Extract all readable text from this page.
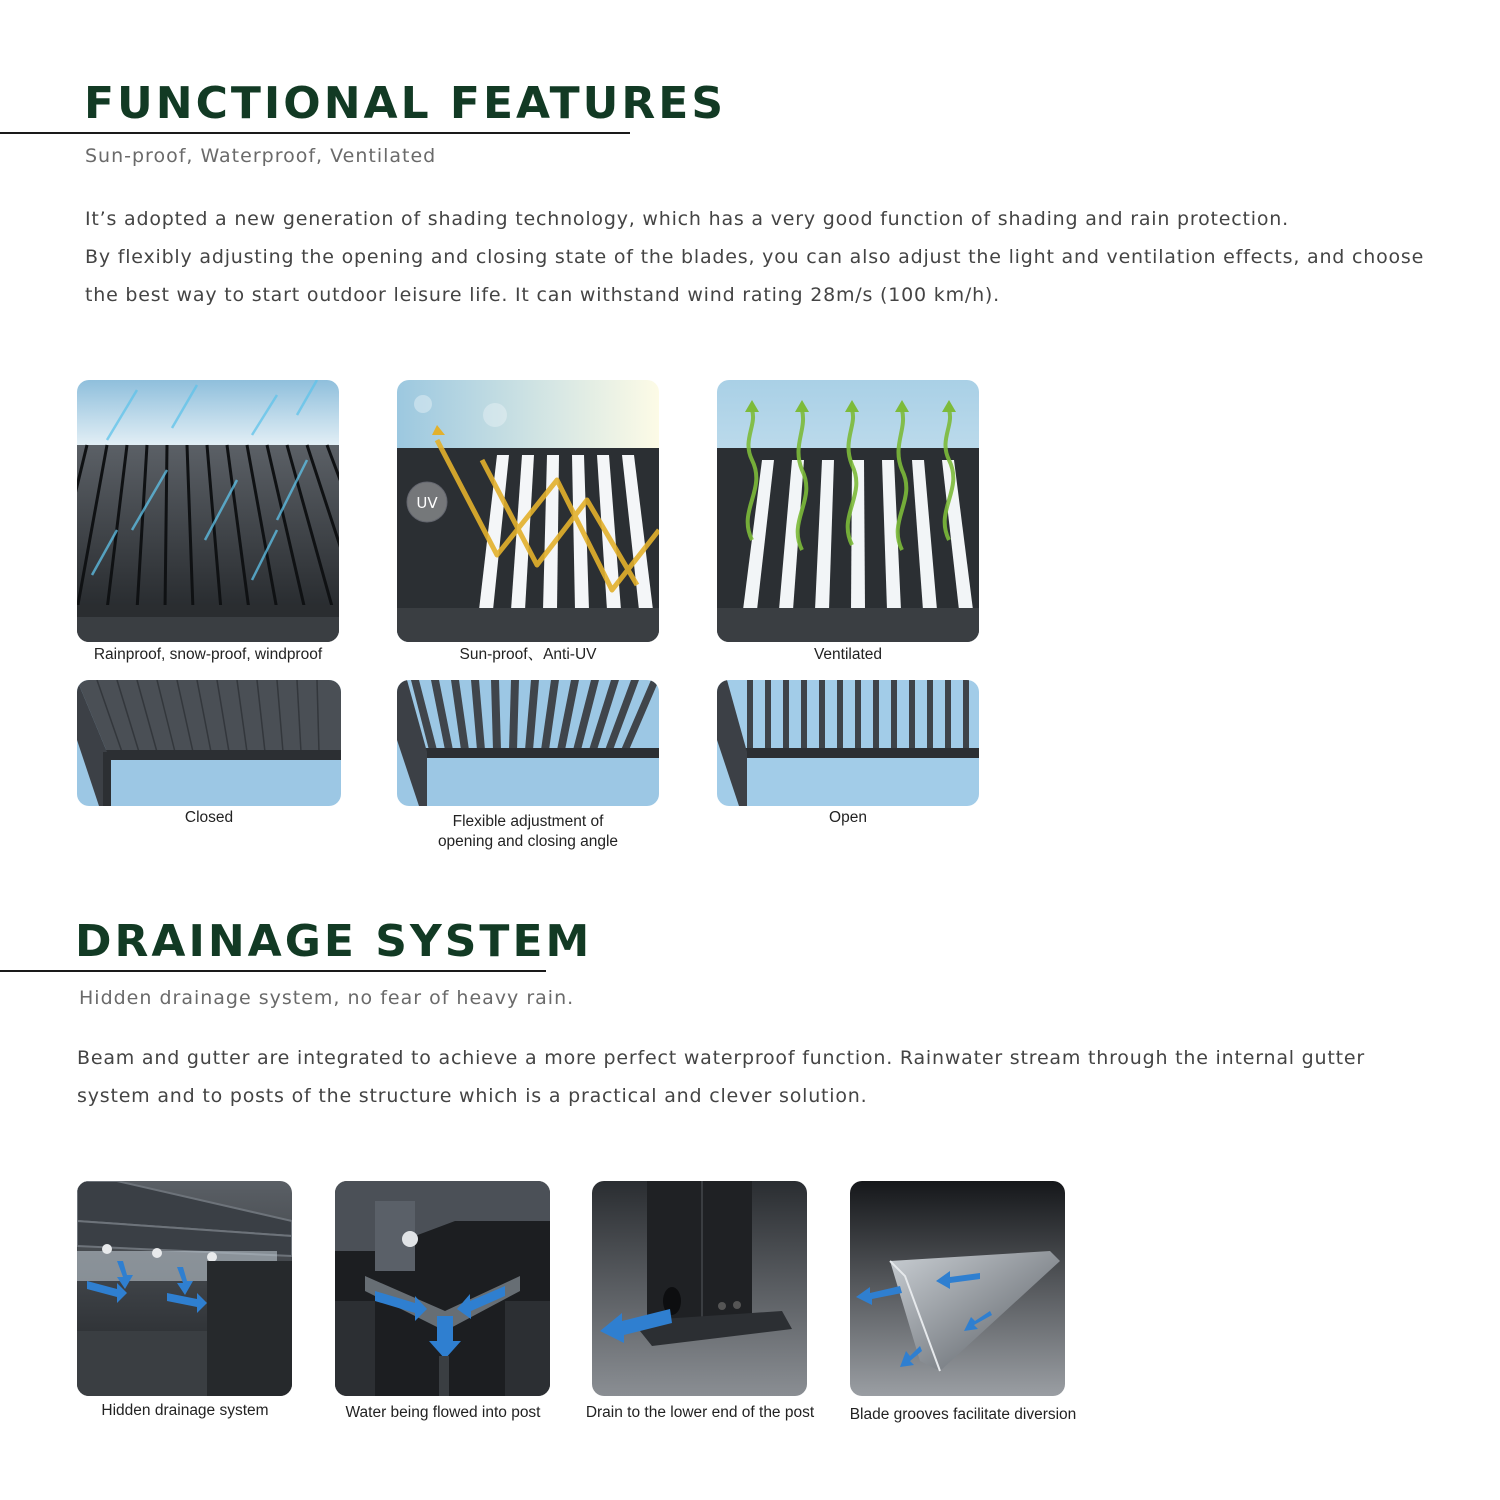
FUNCTIONAL FEATURES
Sun-proof, Waterproof, Ventilated

It’s adopted a new generation of shading technology, which has a very good function of shading and rain protection.

By flexibly adjusting the opening and closing state of the blades, you can also adjust the light and ventilation effects, and choose the best way to start outdoor leisure life. It can withstand wind rating 28m/s (100 km/h).

Rainproof, snow-proof, windproof
UV
Sun-proof、Anti-UV	Ventilated
Closed	Flexible adjustment of
opening and closing angle
Open
DRAINAGE SYSTEM
Hidden drainage system, no fear of heavy rain.
Beam and gutter are integrated to achieve a more perfect waterproof function. Rainwater stream through the internal gutter system and to posts of the structure which is a practical and clever solution.
Hidden drainage system	Water being flowed into post	Drain to the lower end of the post	Blade grooves facilitate diversion
